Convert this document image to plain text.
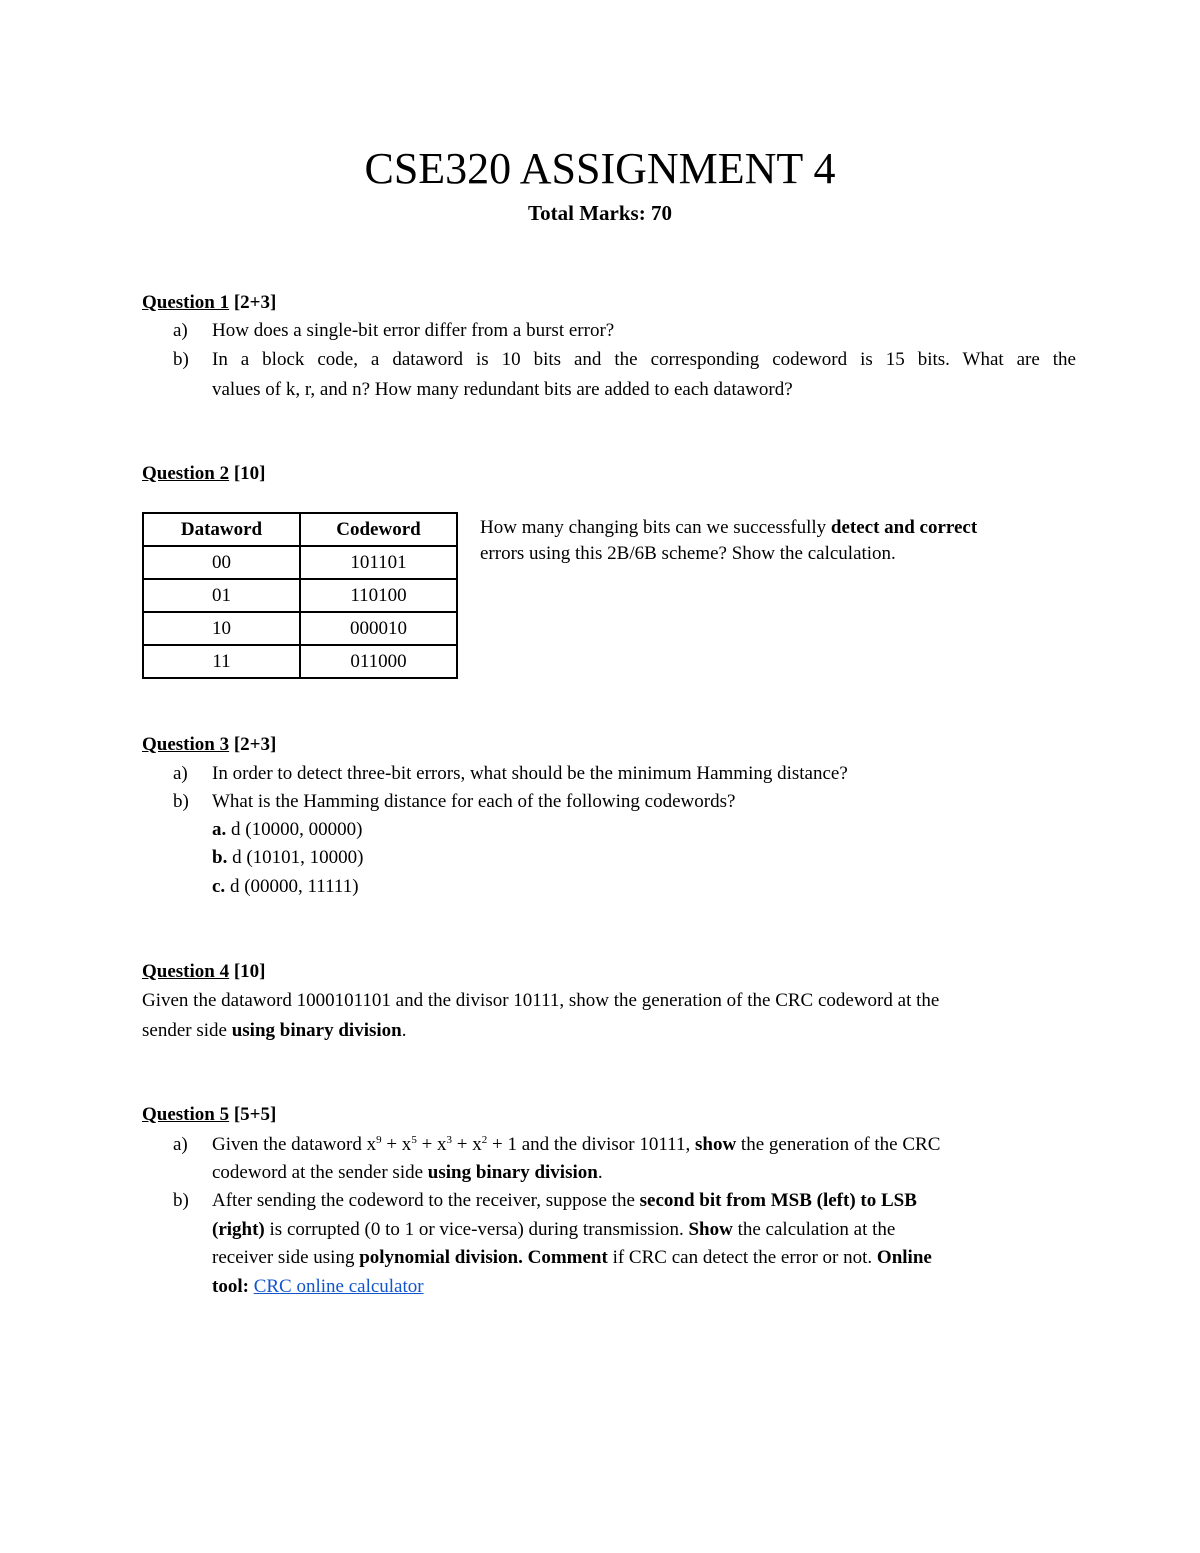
CSE320 ASSIGNMENT 4
Total Marks: 70
Question 1 [2+3]
a) How does a single-bit error differ from a burst error?
b) In a block code, a dataword is 10 bits and the corresponding codeword is 15 bits. What are the
values of k, r, and n? How many redundant bits are added to each dataword?
Question 2 [10]
Dataword	Codeword
00	101101
01	110100
10	000010
11	011000
How many changing bits can we successfully detect and correct
errors using this 2B/6B scheme? Show the calculation.
Question 3 [2+3]
a) In order to detect three-bit errors, what should be the minimum Hamming distance?
b) What is the Hamming distance for each of the following codewords?
a. d (10000, 00000)
b. d (10101, 10000)
c. d (00000, 11111)
Question 4 [10]
Given the dataword 1000101101 and the divisor 10111, show the generation of the CRC codeword at the
sender side using binary division.
Question 5 [5+5]
a) Given the dataword $x^9 + x^5 + x^3 + x^2 + 1$ and the divisor 10111, show the generation of the CRC
codeword at the sender side using binary division.
b) After sending the codeword to the receiver, suppose the second bit from MSB (left) to LSB
(right) is corrupted (0 to 1 or vice-versa) during transmission. Show the calculation at the
receiver side using polynomial division. Comment if CRC can detect the error or not. Online
tool: CRC online calculator
